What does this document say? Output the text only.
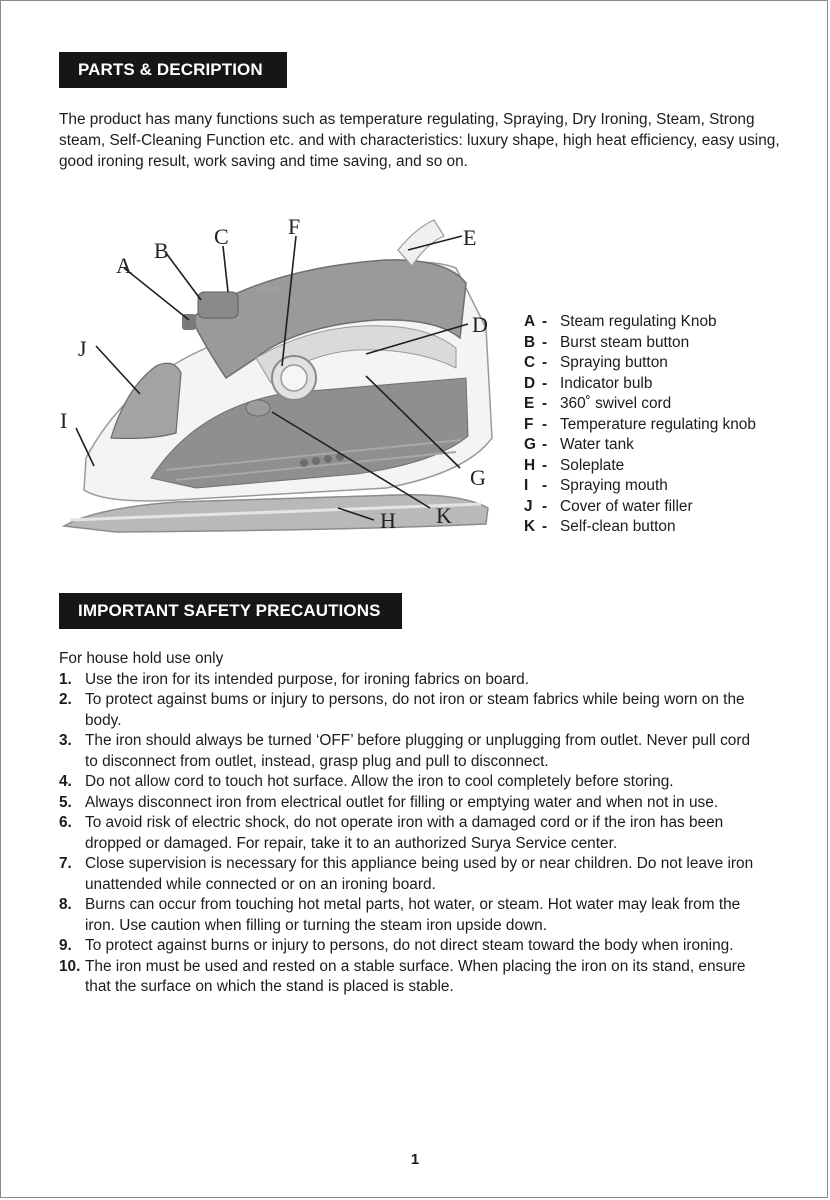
PARTS & DECRIPTION

The product has many functions such as temperature regulating, Spraying, Dry Ironing, Steam, Strong steam, Self-Cleaning Function etc. and with characteristics: luxury shape, high heat efficiency, easy using, good ironing result, work saving and time saving, and so on.

A
B
C	F	E
D
J
I
G
K
H
A - Steam regulating Knob
B - Burst steam button
C - Spraying button
D - Indicator bulb
E - 360˚ swivel cord
F - Temperature regulating knob
G - Water tank
H - Soleplate
I - Spraying mouth
J - Cover of water filler
K - Self-clean button
IMPORTANT SAFETY PRECAUTIONS
For house hold use only
1. Use the iron for its intended purpose, for ironing fabrics on board.
2. To protect against bums or injury to persons, do not iron or steam fabrics while being worn on the body.
3. The iron should always be turned ‘OFF’ before plugging or unplugging from outlet. Never pull cord to disconnect from outlet, instead, grasp plug and pull to disconnect.
4. Do not allow cord to touch hot surface. Allow the iron to cool completely before storing.
5. Always disconnect iron from electrical outlet for filling or emptying water and when not in use.
6. To avoid risk of electric shock, do not operate iron with a damaged cord or if the iron has been dropped or damaged. For repair, take it to an authorized Surya Service center.
7. Close supervision is necessary for this appliance being used by or near children. Do not leave iron unattended while connected or on an ironing board.
8. Burns can occur from touching hot metal parts, hot water, or steam. Hot water may leak from the iron. Use caution when filling or turning the steam iron upside down.
9. To protect against burns or injury to persons, do not direct steam toward the body when ironing.
10. The iron must be used and rested on a stable surface. When placing the iron on its stand, ensure that the surface on which the stand is placed is stable.
1
